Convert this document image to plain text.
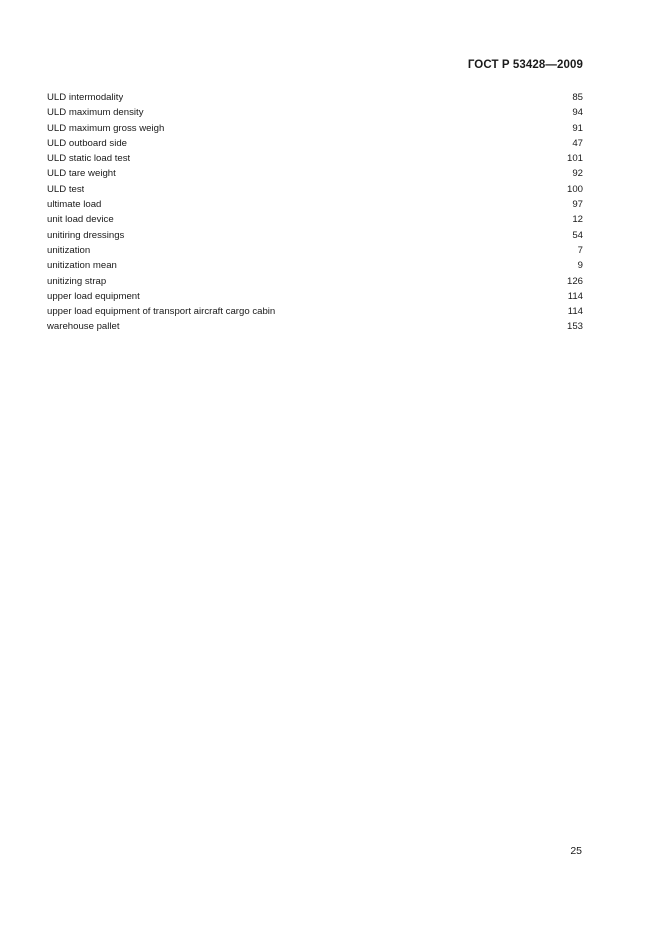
ГОСТ Р 53428—2009
ULD intermodality	85
ULD maximum density	94
ULD maximum gross weigh	91
ULD outboard side	47
ULD static load test	101
ULD tare weight	92
ULD test	100
ultimate load	97
unit load device	12
unitiring dressings	54
unitization	7
unitization mean	9
unitizing strap	126
upper load equipment	114
upper load equipment of transport aircraft cargo cabin	114
warehouse pallet	153
25
